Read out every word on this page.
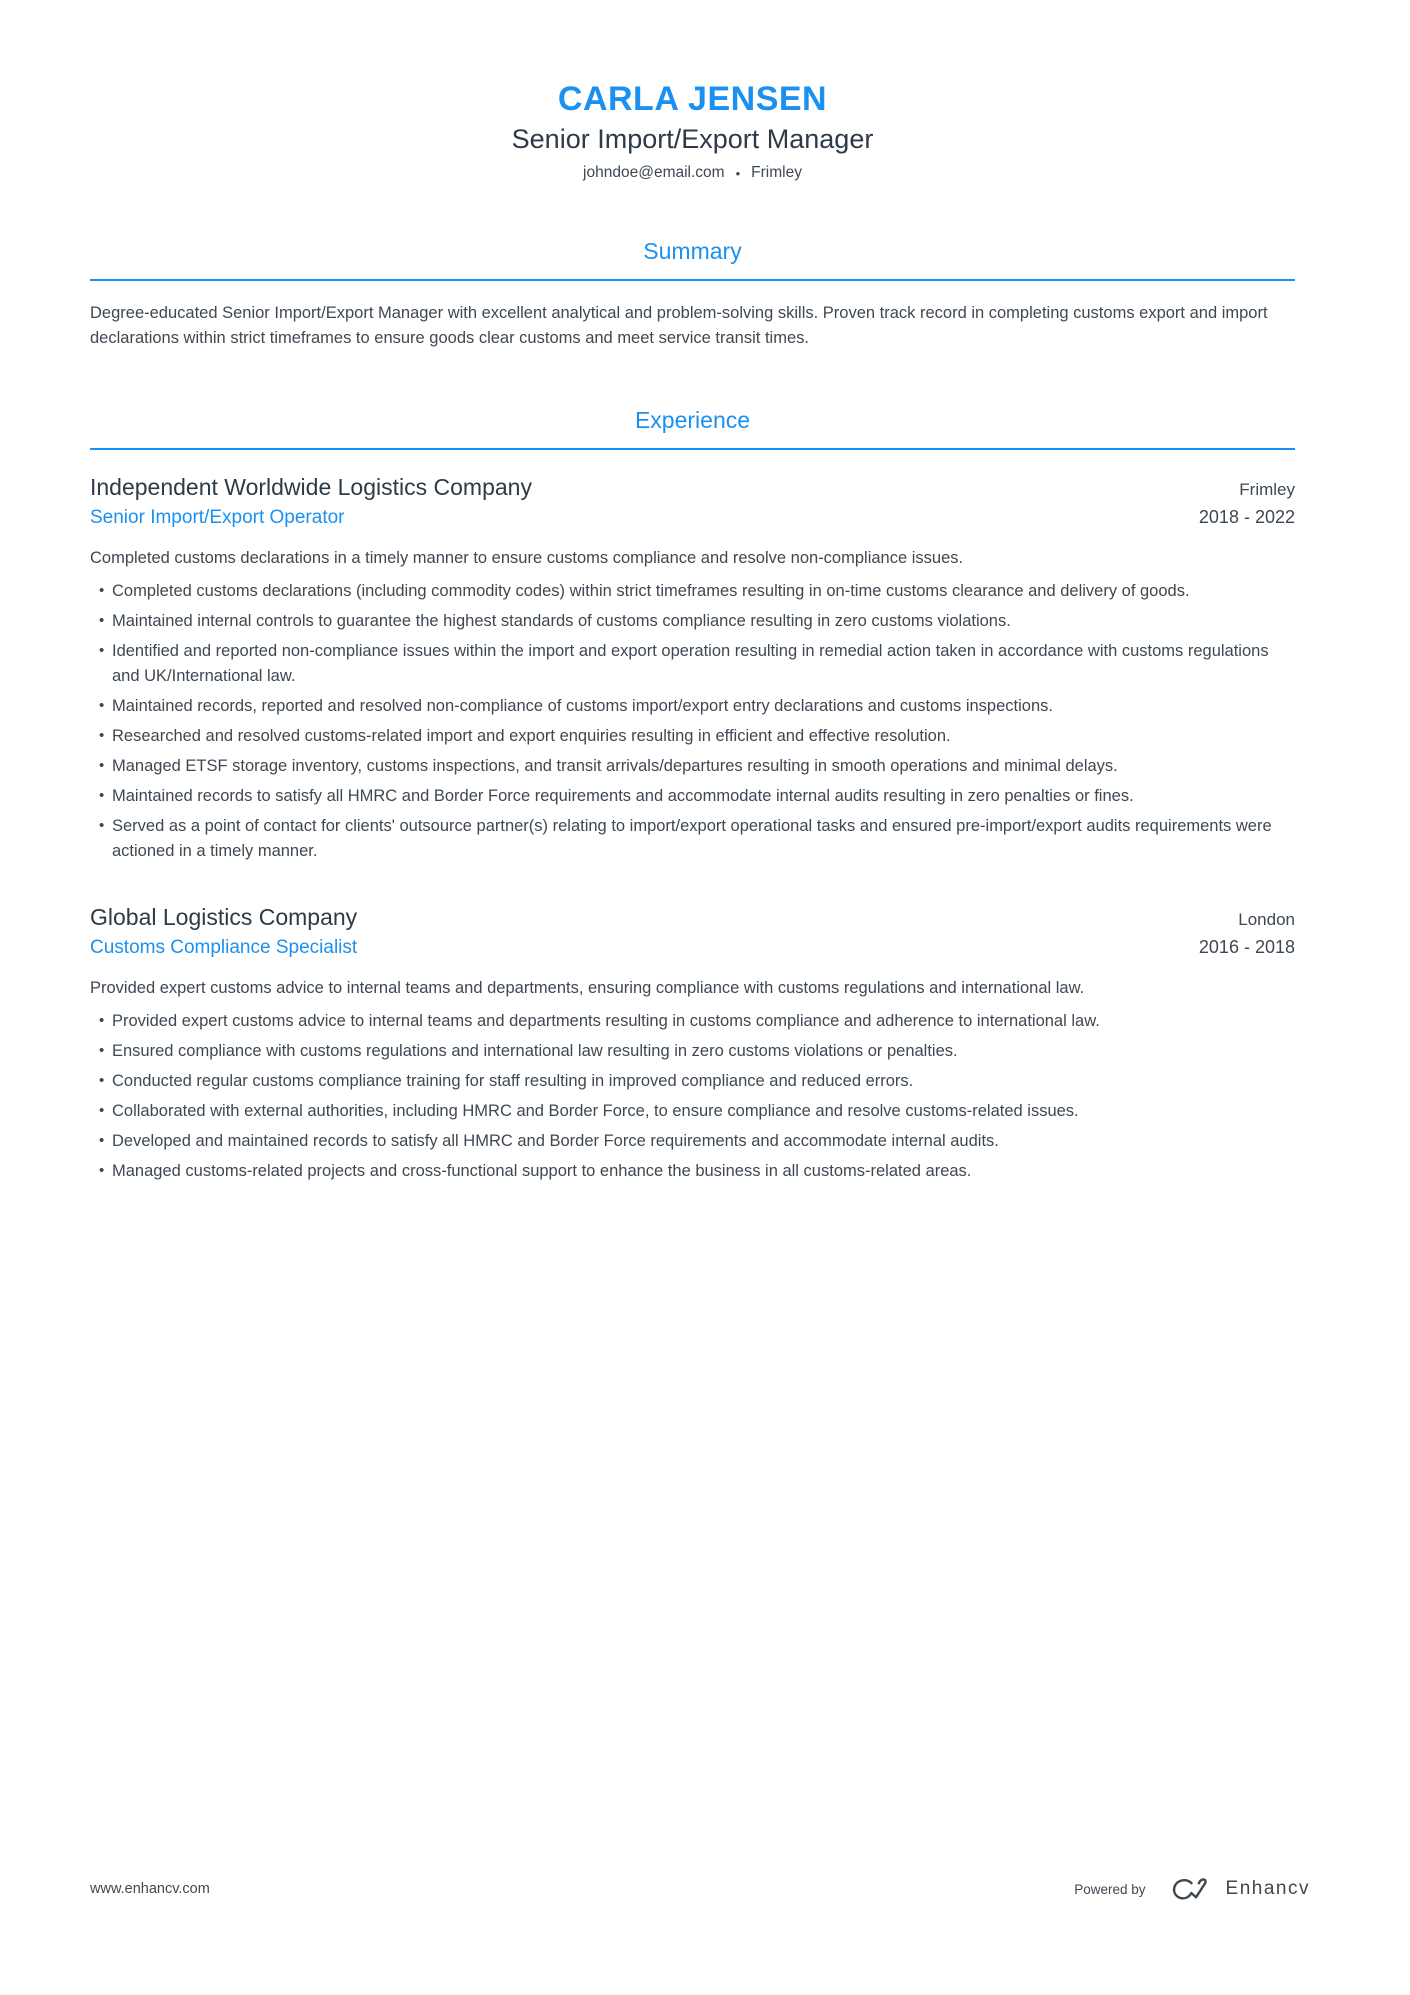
CARLA JENSEN
Senior Import/Export Manager
johndoe@email.com • Frimley
Summary

Degree-educated Senior Import/Export Manager with excellent analytical and problem-solving skills. Proven track record in completing customs export and import declarations within strict timeframes to ensure goods clear customs and meet service transit times.

Experience
Independent Worldwide Logistics Company	Frimley
Senior Import/Export Operator	2018 - 2022

Completed customs declarations in a timely manner to ensure customs compliance and resolve non-compliance issues.

• Completed customs declarations (including commodity codes) within strict timeframes resulting in on-time customs clearance and delivery of goods.
• Maintained internal controls to guarantee the highest standards of customs compliance resulting in zero customs violations.
• Identified and reported non-compliance issues within the import and export operation resulting in remedial action taken in accordance with customs regulations and UK/International law.
• Maintained records, reported and resolved non-compliance of customs import/export entry declarations and customs inspections.
• Researched and resolved customs-related import and export enquiries resulting in efficient and effective resolution.
• Managed ETSF storage inventory, customs inspections, and transit arrivals/departures resulting in smooth operations and minimal delays.
• Maintained records to satisfy all HMRC and Border Force requirements and accommodate internal audits resulting in zero penalties or fines.
• Served as a point of contact for clients' outsource partner(s) relating to import/export operational tasks and ensured pre-import/export audits requirements were actioned in a timely manner.
Global Logistics Company	London
Customs Compliance Specialist	2016 - 2018

Provided expert customs advice to internal teams and departments, ensuring compliance with customs regulations and international law.

• Provided expert customs advice to internal teams and departments resulting in customs compliance and adherence to international law.
• Ensured compliance with customs regulations and international law resulting in zero customs violations or penalties.
• Conducted regular customs compliance training for staff resulting in improved compliance and reduced errors.
• Collaborated with external authorities, including HMRC and Border Force, to ensure compliance and resolve customs-related issues.
• Developed and maintained records to satisfy all HMRC and Border Force requirements and accommodate internal audits.
• Managed customs-related projects and cross-functional support to enhance the business in all customs-related areas.
www.enhancv.com	Powered by	Enhancv
